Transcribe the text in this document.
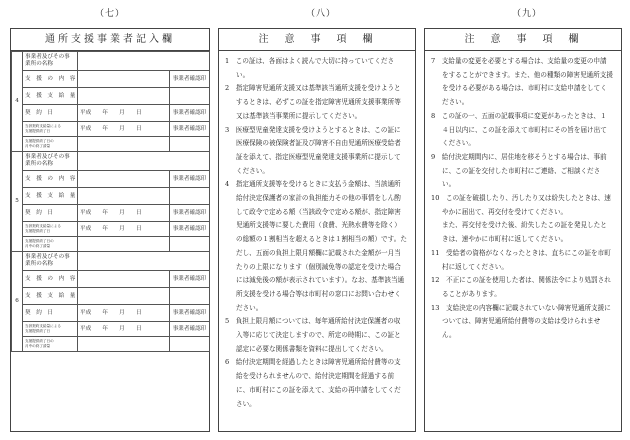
（七）	（八）	（九）
通所支援事業者記入欄
4	事業者及びその事業所の名称		

	支　援　の　内　容		事業者確認印

	支　援　支　給　量		

	契　約　日	平成　　年　　月　　日	事業者確認印

	当該契約支給量による
支援提供終了日	平成　　年　　月　　日	事業者確認印

	支援提供終了日の
月中の終了済量		

5	事業者及びその事業所の名称		

	支　援　の　内　容		事業者確認印

	支　援　支　給　量		

	契　約　日	平成　　年　　月　　日	事業者確認印

	当該契約支給量による
支援提供終了日	平成　　年　　月　　日	事業者確認印

	支援提供終了日の
月中の終了済量		

6	事業者及びその事業所の名称		

	支　援　の　内　容		事業者確認印

	支　援　支　給　量		

	契　約　日	平成　　年　　月　　日	事業者確認印

	当該契約支給量による
支援提供終了日	平成　　年　　月　　日	事業者確認印

	支援提供終了日の
月中の終了済量		

注　意　事　項　欄
1　この証は、各面はよく読んで大切に持っていてください。
2　指定障害児通所支援又は基準該当通所支援を受けようとするときは、必ずこの証を指定障害児通所支援事業所等又は基準該当事業所に提示してください。
3　医療型児童発達支援を受けようとするときは、この証に医療保険の被保険者証及び障害不自由児通所医療受給者証を添えて、指定医療型児童発達支援事業所に提示してください。
4　指定通所支援等を受けるときに支払う金額は、当該通所給付決定保護者の家計の負担能力その他の事情をしん酌して政令で定める額（当該政令で定める額が、指定障害児通所支援等に要した費用（食費、光熱水費等を除く）の総額の１割相当を超えるときは１割相当の額）です。ただし、五面の負担上限月額欄に記載された金額が一月当たりの上限になります（個別減免等の認定を受けた場合には減免後の額が表示されています）。なお、基準該当通所支援を受ける場合等は市町村の窓口にお問い合わせください。
5　負担上限月額については、毎年通所給付決定保護者の収入等に応じて決定しますので、所定の時期に、この証と認定に必要な関係書類を資料に提出してください。
6　給付決定期間を経過したときは障害児通所給付費等の支給を受けられませんので、給付決定期間を経過する前に、市町村にこの証を添えて、支給の再申請をしてください。
注　意　事　項　欄
7　支給量の変更を必要とする場合は、支給量の変更の申請をすることができます。また、他の種類の障害児通所支援を受ける必要がある場合は、市町村に支給申請をしてください。
8　この証の一、五面の記載事項に変更があったときは、１４日以内に、この証を添えて市町村にその旨を届け出てください。
9　給付決定期間内に、居住地を移そうとする場合は、事前に、この証を交付した市町村にご連絡、ご相談ください。
10　この証を破損したり、汚したり又は紛失したときは、速やかに届出て、再交付を受けてください。
また、再交付を受けた後、紛失したこの証を発見したときは、速やかに市町村に返してください。
11　受給者の資格がなくなったときは、直ちにこの証を市町村に返してください。
12　不正にこの証を使用した者は、関係法令により処罰されることがあります。
13　支給決定の内容欄に記載されていない障害児通所支援については、障害児通所給付費等の支給は受けられません。
